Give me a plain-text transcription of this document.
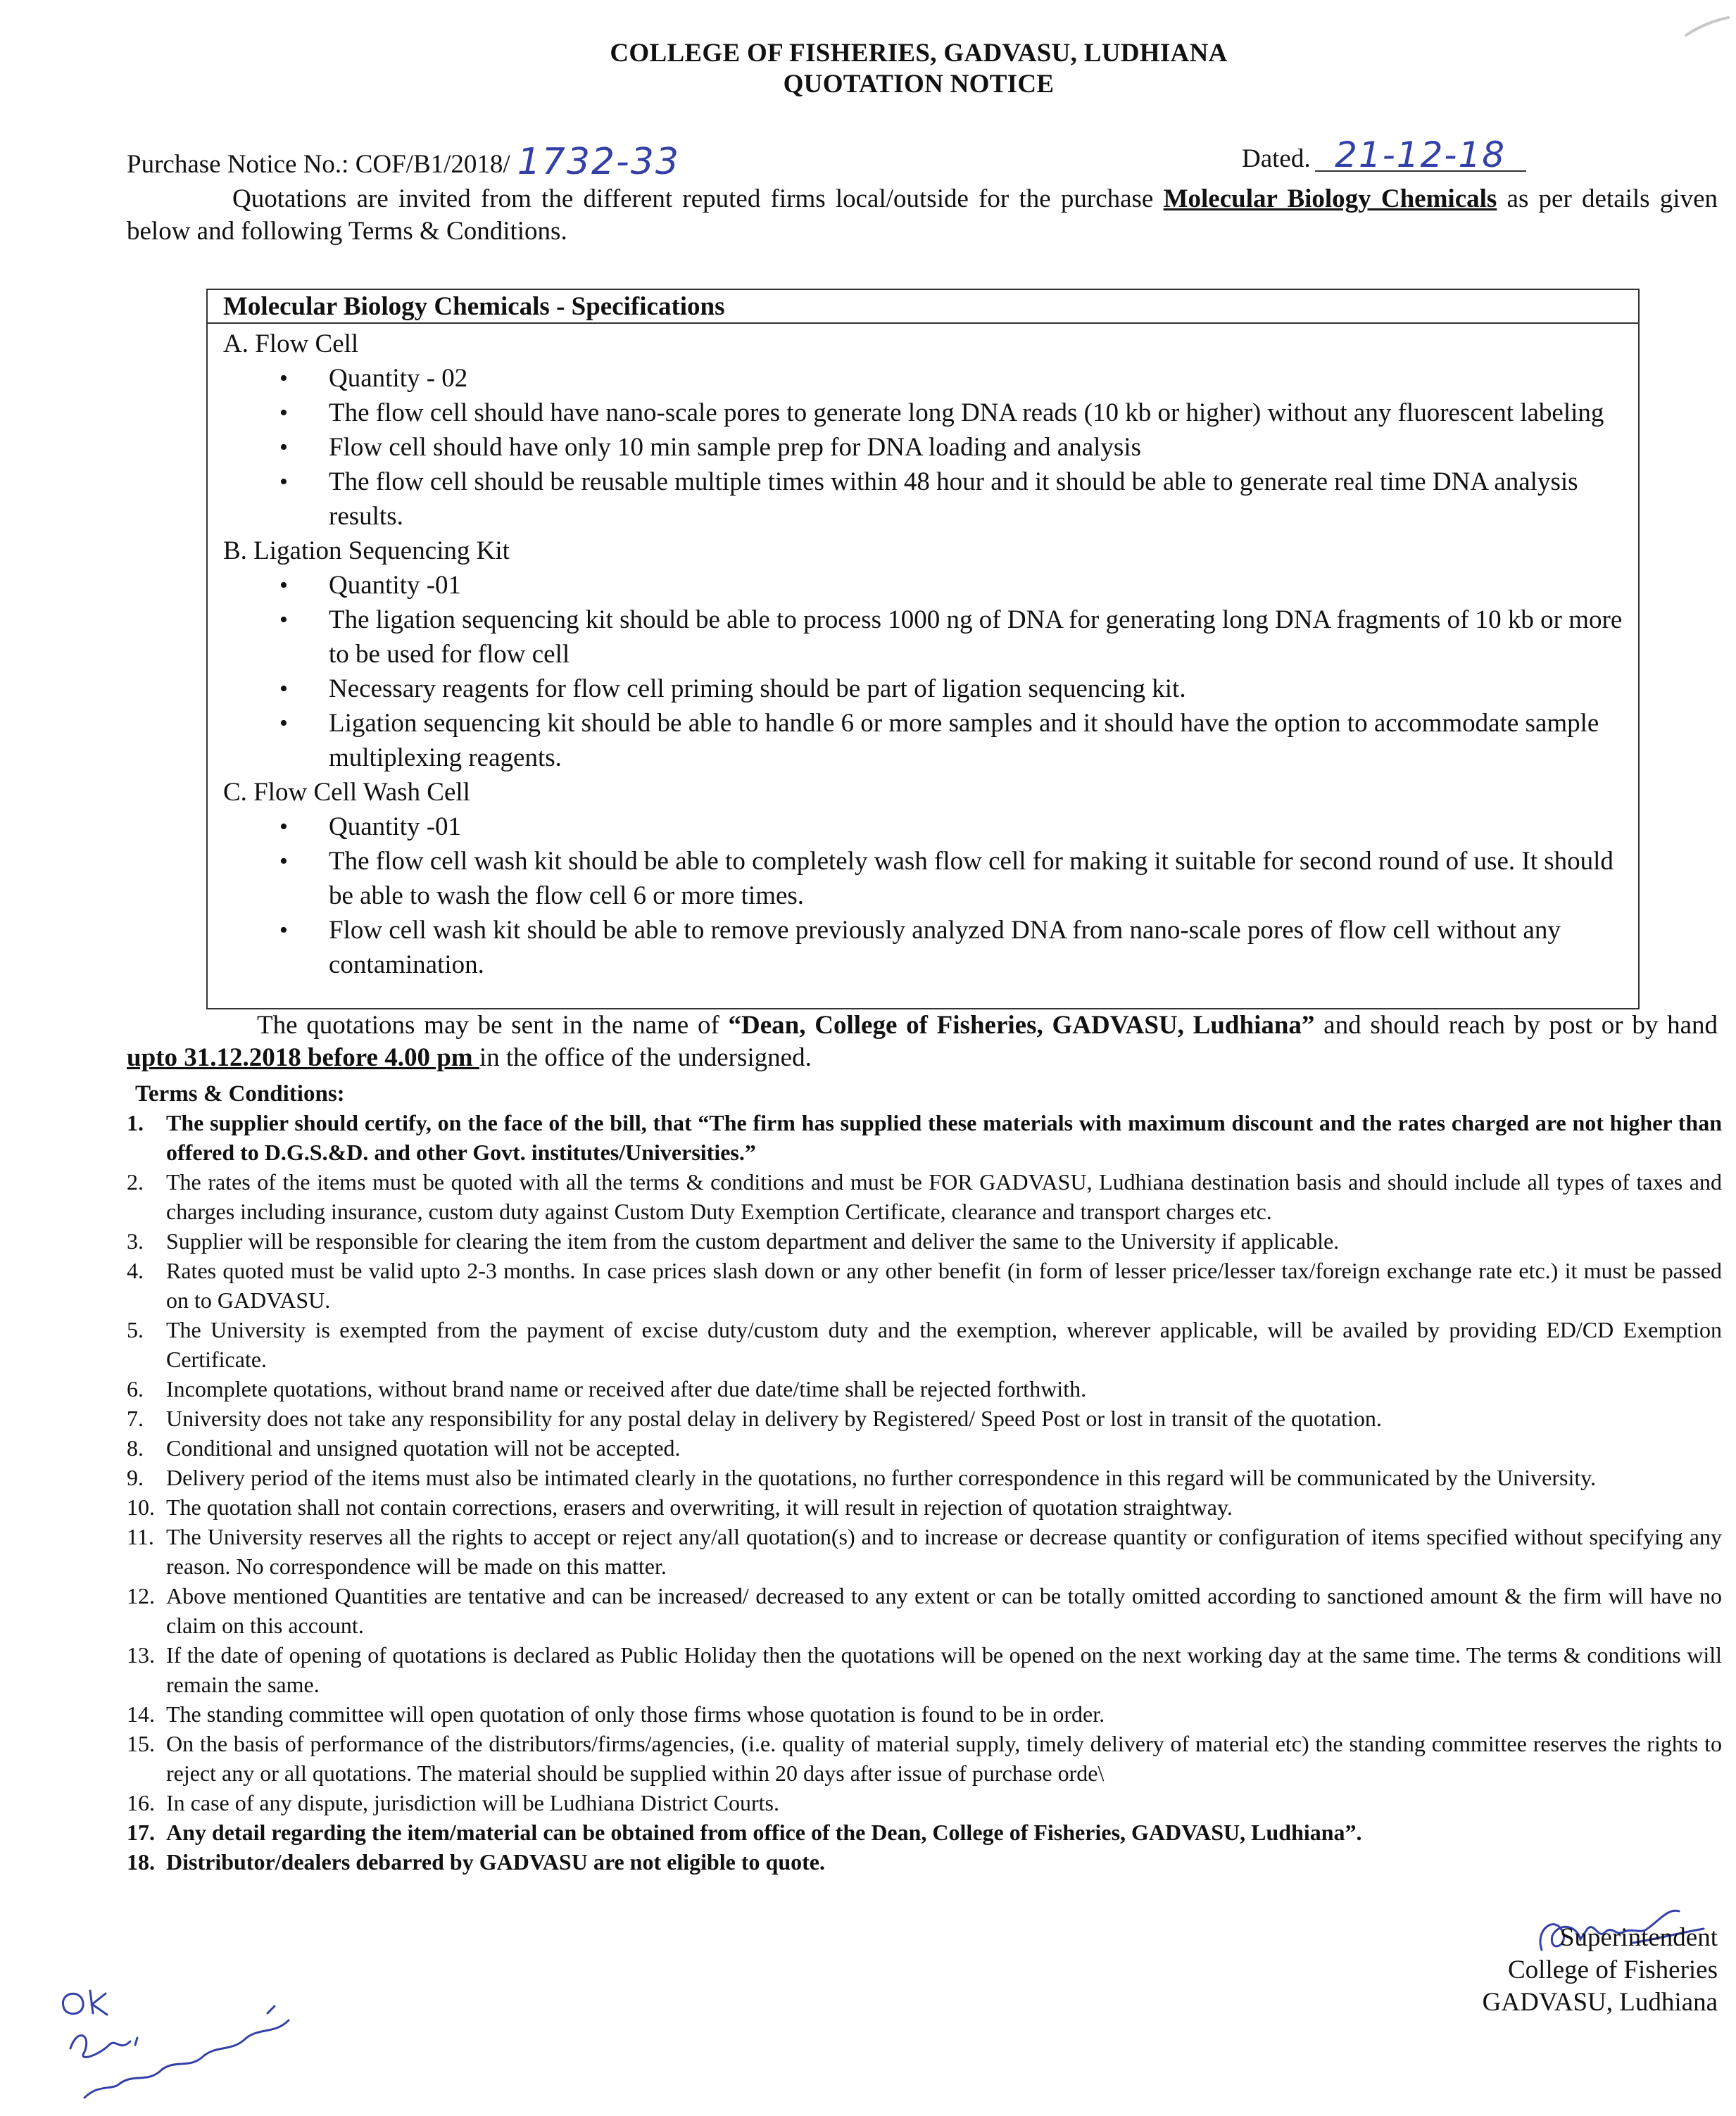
COLLEGE OF FISHERIES, GADVASU, LUDHIANA
QUOTATION NOTICE
Purchase Notice No.: COF/B1/2018/ 1732-33	Dated. 21-12-18
Quotations are invited from the different reputed firms local/outside for the purchase Molecular Biology Chemicals as per details given below and following Terms & Conditions.
Molecular Biology Chemicals - Specifications

A. Flow Cell

• Quantity - 02
• The flow cell should have nano-scale pores to generate long DNA reads (10 kb or higher) without any fluorescent labeling
• Flow cell should have only 10 min sample prep for DNA loading and analysis
• The flow cell should be reusable multiple times within 48 hour and it should be able to generate real time DNA analysis results.

B. Ligation Sequencing Kit

• Quantity -01
• The ligation sequencing kit should be able to process 1000 ng of DNA for generating long DNA fragments of 10 kb or more to be used for flow cell
• Necessary reagents for flow cell priming should be part of ligation sequencing kit.
• Ligation sequencing kit should be able to handle 6 or more samples and it should have the option to accommodate sample multiplexing reagents.

C. Flow Cell Wash Cell

• Quantity -01
• The flow cell wash kit should be able to completely wash flow cell for making it suitable for second round of use. It should be able to wash the flow cell 6 or more times.
• Flow cell wash kit should be able to remove previously analyzed DNA from nano-scale pores of flow cell without any contamination.
The quotations may be sent in the name of “Dean, College of Fisheries, GADVASU, Ludhiana” and should reach by post or by hand upto 31.12.2018 before 4.00 pm in the office of the undersigned.
Terms & Conditions:
1. The supplier should certify, on the face of the bill, that “The firm has supplied these materials with maximum discount and the rates charged are not higher than offered to D.G.S.&D. and other Govt. institutes/Universities.”
2. The rates of the items must be quoted with all the terms & conditions and must be FOR GADVASU, Ludhiana destination basis and should include all types of taxes and charges including insurance, custom duty against Custom Duty Exemption Certificate, clearance and transport charges etc.
3. Supplier will be responsible for clearing the item from the custom department and deliver the same to the University if applicable.
4. Rates quoted must be valid upto 2-3 months. In case prices slash down or any other benefit (in form of lesser price/lesser tax/foreign exchange rate etc.) it must be passed on to GADVASU.
5. The University is exempted from the payment of excise duty/custom duty and the exemption, wherever applicable, will be availed by providing ED/CD Exemption Certificate.
6. Incomplete quotations, without brand name or received after due date/time shall be rejected forthwith.
7. University does not take any responsibility for any postal delay in delivery by Registered/ Speed Post or lost in transit of the quotation.
8. Conditional and unsigned quotation will not be accepted.
9. Delivery period of the items must also be intimated clearly in the quotations, no further correspondence in this regard will be communicated by the University.
10. The quotation shall not contain corrections, erasers and overwriting, it will result in rejection of quotation straightway.
11. The University reserves all the rights to accept or reject any/all quotation(s) and to increase or decrease quantity or configuration of items specified without specifying any reason. No correspondence will be made on this matter.
12. Above mentioned Quantities are tentative and can be increased/ decreased to any extent or can be totally omitted according to sanctioned amount & the firm will have no claim on this account.
13. If the date of opening of quotations is declared as Public Holiday then the quotations will be opened on the next working day at the same time. The terms & conditions will remain the same.
14. The standing committee will open quotation of only those firms whose quotation is found to be in order.
15. On the basis of performance of the distributors/firms/agencies, (i.e. quality of material supply, timely delivery of material etc) the standing committee reserves the rights to reject any or all quotations. The material should be supplied within 20 days after issue of purchase orde\
16. In case of any dispute, jurisdiction will be Ludhiana District Courts.
17. Any detail regarding the item/material can be obtained from office of the Dean, College of Fisheries, GADVASU, Ludhiana”.
18. Distributor/dealers debarred by GADVASU are not eligible to quote.
Superintendent
College of Fisheries
GADVASU, Ludhiana
